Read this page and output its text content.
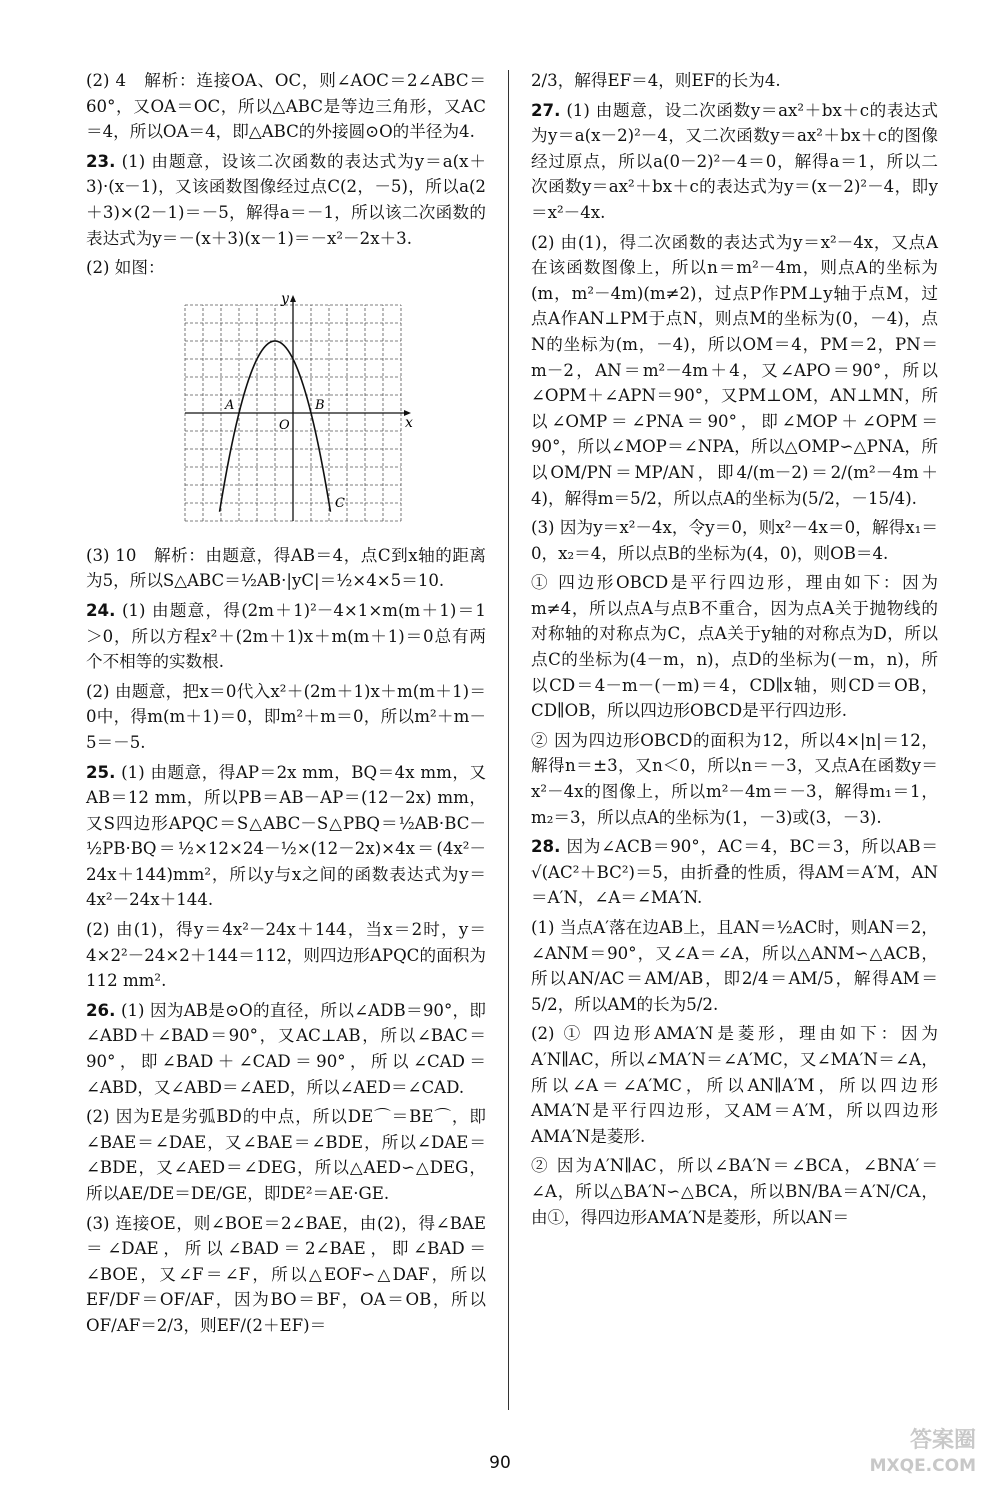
(2) 4　解析：连接OA、OC，则∠AOC＝2∠ABC＝60°，又OA＝OC，所以△ABC是等边三角形，又AC＝4，所以OA＝4，即△ABC的外接圆⊙O的半径为4.

23. (1) 由题意，设该二次函数的表达式为y＝a(x＋3)·(x－1)，又该函数图像经过点C(2，－5)，所以a(2＋3)×(2－1)＝－5，解得a＝－1，所以该二次函数的表达式为y＝－(x＋3)(x－1)＝－x²－2x＋3.

(2) 如图：

x
y
O
A	B
C

(3) 10　解析：由题意，得AB＝4，点C到x轴的距离为5，所以S△ABC＝½AB·|yC|＝½×4×5＝10.

24. (1) 由题意，得(2m＋1)²－4×1×m(m＋1)＝1＞0，所以方程x²＋(2m＋1)x＋m(m＋1)＝0总有两个不相等的实数根.

(2) 由题意，把x＝0代入x²＋(2m＋1)x＋m(m＋1)＝0中，得m(m＋1)＝0，即m²＋m＝0，所以m²＋m－5＝－5.

25. (1) 由题意，得AP＝2x mm，BQ＝4x mm，又AB＝12 mm，所以PB＝AB－AP＝(12－2x) mm，又S四边形APQC＝S△ABC－S△PBQ＝½AB·BC－½PB·BQ＝½×12×24－½×(12－2x)×4x＝(4x²－24x＋144)mm²，所以y与x之间的函数表达式为y＝4x²－24x＋144.

(2) 由(1)，得y＝4x²－24x＋144，当x＝2时，y＝4×2²－24×2＋144＝112，则四边形APQC的面积为112 mm².

26. (1) 因为AB是⊙O的直径，所以∠ADB＝90°，即∠ABD＋∠BAD＝90°，又AC⊥AB，所以∠BAC＝90°，即∠BAD＋∠CAD＝90°，所以∠CAD＝∠ABD，又∠ABD＝∠AED，所以∠AED＝∠CAD.

(2) 因为E是劣弧BD的中点，所以DE⌒＝BE⌒，即∠BAE＝∠DAE，又∠BAE＝∠BDE，所以∠DAE＝∠BDE，又∠AED＝∠DEG，所以△AED∽△DEG，所以AE/DE＝DE/GE，即DE²＝AE·GE.

(3) 连接OE，则∠BOE＝2∠BAE，由(2)，得∠BAE＝∠DAE，所以∠BAD＝2∠BAE，即∠BAD＝∠BOE，又∠F＝∠F，所以△EOF∽△DAF，所以EF/DF＝OF/AF，因为BO＝BF，OA＝OB，所以OF/AF＝2/3，则EF/(2＋EF)＝

2/3，解得EF＝4，则EF的长为4.

27. (1) 由题意，设二次函数y＝ax²＋bx＋c的表达式为y＝a(x－2)²－4，又二次函数y＝ax²＋bx＋c的图像经过原点，所以a(0－2)²－4＝0，解得a＝1，所以二次函数y＝ax²＋bx＋c的表达式为y＝(x－2)²－4，即y＝x²－4x.

(2) 由(1)，得二次函数的表达式为y＝x²－4x，又点A在该函数图像上，所以n＝m²－4m，则点A的坐标为(m，m²－4m)(m≠2)，过点P作PM⊥y轴于点M，过点A作AN⊥PM于点N，则点M的坐标为(0，－4)，点N的坐标为(m，－4)，所以OM＝4，PM＝2，PN＝m－2，AN＝m²－4m＋4，又∠APO＝90°，所以∠OPM＋∠APN＝90°，又PM⊥OM，AN⊥MN，所以∠OMP＝∠PNA＝90°，即∠MOP＋∠OPM＝90°，所以∠MOP＝∠NPA，所以△OMP∽△PNA，所以OM/PN＝MP/AN，即4/(m－2)＝2/(m²－4m＋4)，解得m＝5/2，所以点A的坐标为(5/2，－15/4).

(3) 因为y＝x²－4x，令y＝0，则x²－4x＝0，解得x₁＝0，x₂＝4，所以点B的坐标为(4，0)，则OB＝4.

① 四边形OBCD是平行四边形，理由如下：因为m≠4，所以点A与点B不重合，因为点A关于抛物线的对称轴的对称点为C，点A关于y轴的对称点为D，所以点C的坐标为(4－m，n)，点D的坐标为(－m，n)，所以CD＝4－m－(－m)＝4，CD∥x轴，则CD＝OB，CD∥OB，所以四边形OBCD是平行四边形.

② 因为四边形OBCD的面积为12，所以4×|n|＝12，解得n＝±3，又n＜0，所以n＝－3，又点A在函数y＝x²－4x的图像上，所以m²－4m＝－3，解得m₁＝1，m₂＝3，所以点A的坐标为(1，－3)或(3，－3).

28. 因为∠ACB＝90°，AC＝4，BC＝3，所以AB＝√(AC²＋BC²)＝5，由折叠的性质，得AM＝A′M，AN＝A′N，∠A＝∠MA′N.

(1) 当点A′落在边AB上，且AN＝½AC时，则AN＝2，∠ANM＝90°，又∠A＝∠A，所以△ANM∽△ACB，所以AN/AC＝AM/AB，即2/4＝AM/5，解得AM＝5/2，所以AM的长为5/2.

(2) ① 四边形AMA′N是菱形，理由如下：因为A′N∥AC，所以∠MA′N＝∠A′MC，又∠MA′N＝∠A，所以∠A＝∠A′MC，所以AN∥A′M，所以四边形AMA′N是平行四边形，又AM＝A′M，所以四边形AMA′N是菱形.

② 因为A′N∥AC，所以∠BA′N＝∠BCA，∠BNA′＝∠A，所以△BA′N∽△BCA，所以BN/BA＝A′N/CA，由①，得四边形AMA′N是菱形，所以AN＝

90
答案圈
MXQE.COM
